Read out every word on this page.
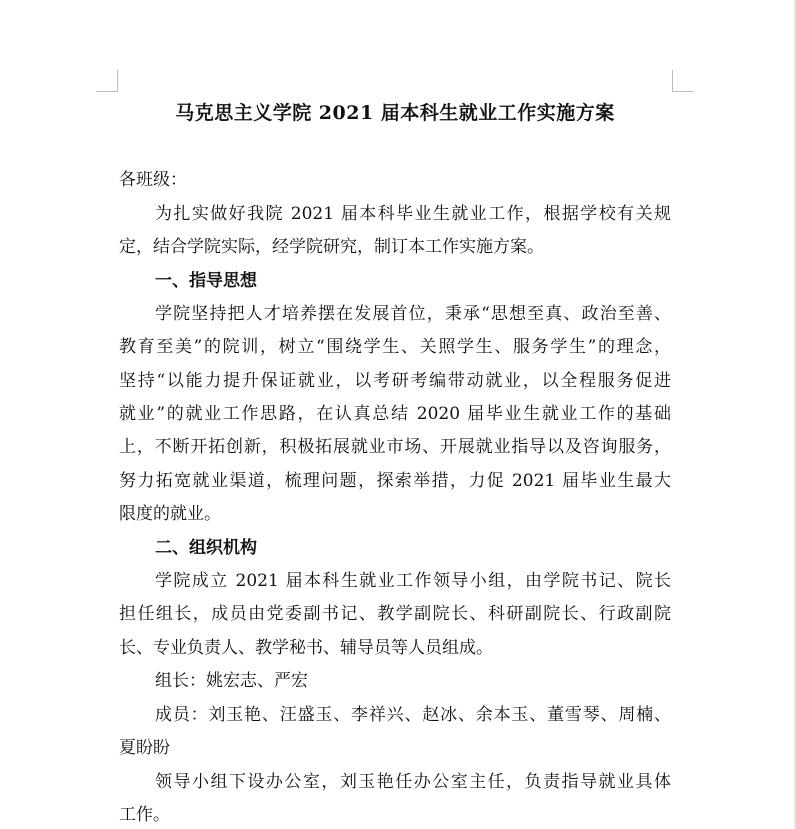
马克思主义学院 2021 届本科生就业工作实施方案
各班级：
为扎实做好我院 2021 届本科毕业生就业工作，根据学校有关规
定，结合学院实际，经学院研究，制订本工作实施方案。
一、指导思想
学院坚持把人才培养摆在发展首位，秉承“思想至真、政治至善、
教育至美”的院训，树立“围绕学生、关照学生、服务学生”的理念，
坚持“以能力提升保证就业，以考研考编带动就业，以全程服务促进
就业”的就业工作思路，在认真总结 2020 届毕业生就业工作的基础
上，不断开拓创新，积极拓展就业市场、开展就业指导以及咨询服务，
努力拓宽就业渠道，梳理问题，探索举措，力促 2021 届毕业生最大
限度的就业。
二、组织机构
学院成立 2021 届本科生就业工作领导小组，由学院书记、院长
担任组长，成员由党委副书记、教学副院长、科研副院长、行政副院
长、专业负责人、教学秘书、辅导员等人员组成。
组长：姚宏志、严宏
成员：刘玉艳、汪盛玉、李祥兴、赵冰、余本玉、董雪琴、周楠、
夏盼盼
领导小组下设办公室，刘玉艳任办公室主任，负责指导就业具体
工作。
